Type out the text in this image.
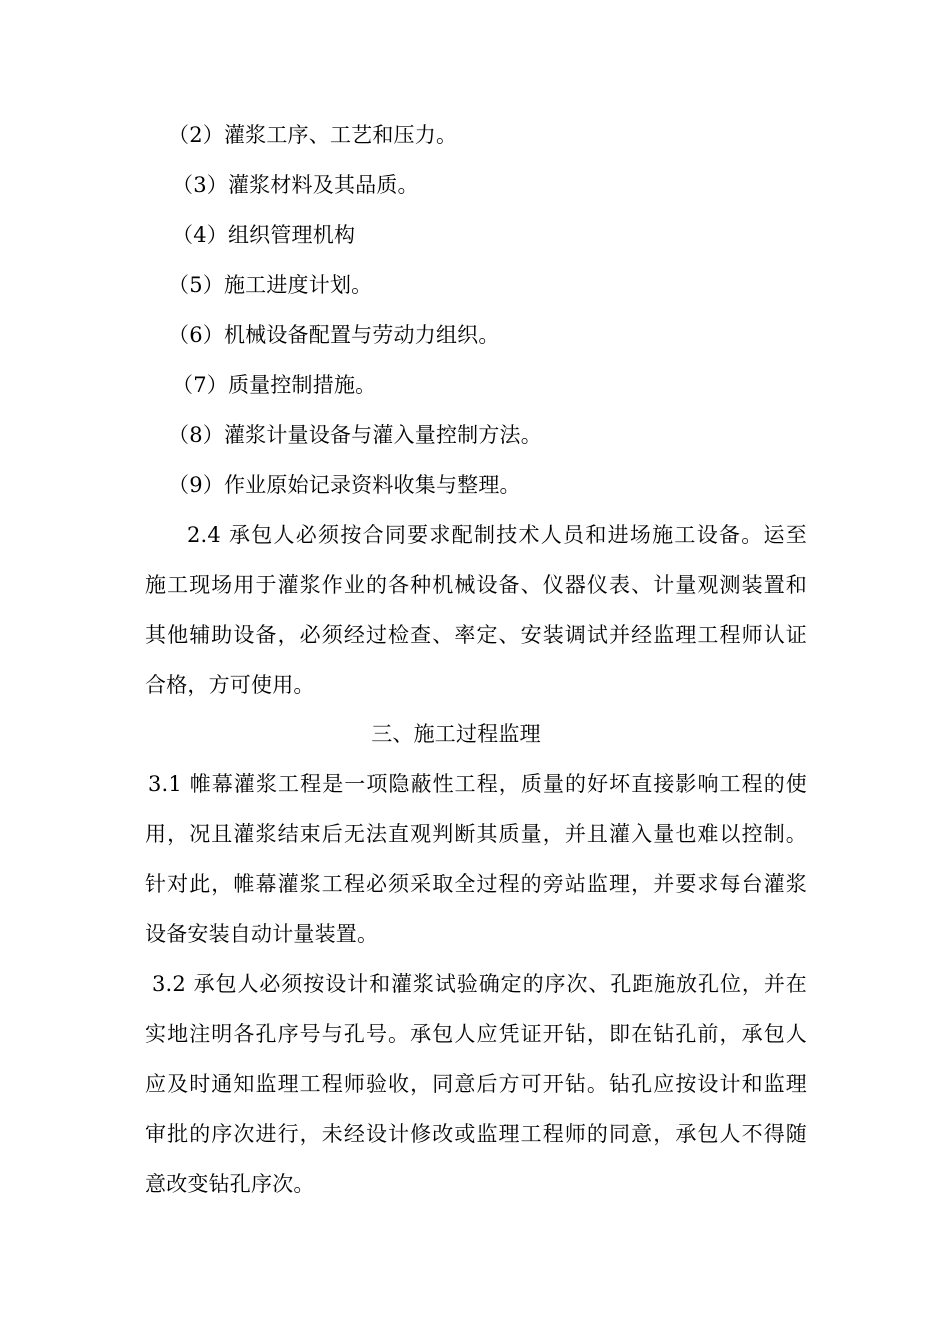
（2）灌浆工序、工艺和压力。
（3）灌浆材料及其品质。
（4）组织管理机构
（5）施工进度计划。
（6）机械设备配置与劳动力组织。
（7）质量控制措施。
（8）灌浆计量设备与灌入量控制方法。
（9）作业原始记录资料收集与整理。
2.4 承包人必须按合同要求配制技术人员和进场施工设备。运至
施工现场用于灌浆作业的各种机械设备、仪器仪表、计量观测装置和
其他辅助设备，必须经过检查、率定、安装调试并经监理工程师认证
合格，方可使用。
三、施工过程监理
3.1 帷幕灌浆工程是一项隐蔽性工程，质量的好坏直接影响工程的使
用，况且灌浆结束后无法直观判断其质量，并且灌入量也难以控制。
针对此，帷幕灌浆工程必须采取全过程的旁站监理，并要求每台灌浆
设备安装自动计量装置。
3.2 承包人必须按设计和灌浆试验确定的序次、孔距施放孔位，并在
实地注明各孔序号与孔号。承包人应凭证开钻，即在钻孔前，承包人
应及时通知监理工程师验收，同意后方可开钻。钻孔应按设计和监理
审批的序次进行，未经设计修改或监理工程师的同意，承包人不得随
意改变钻孔序次。
